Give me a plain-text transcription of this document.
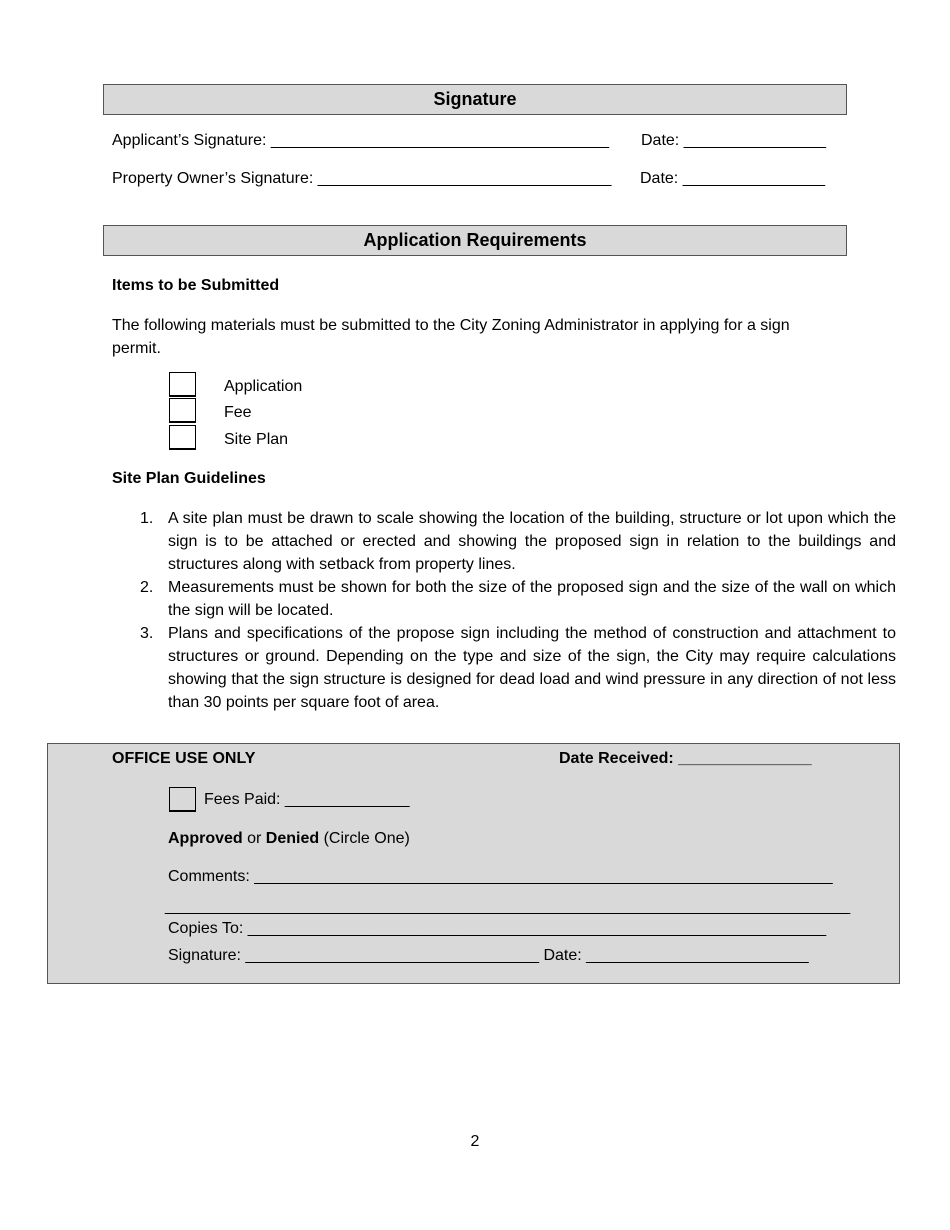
Signature
Applicant’s Signature: ______________________________________ Date: ________________
Property Owner’s Signature: _________________________________ Date: ________________
Application Requirements
Items to be Submitted
The following materials must be submitted to the City Zoning Administrator in applying for a sign permit.
Application
Fee
Site Plan
Site Plan Guidelines
A site plan must be drawn to scale showing the location of the building, structure or lot upon which the sign is to be attached or erected and showing the proposed sign in relation to the buildings and structures along with setback from property lines.
Measurements must be shown for both the size of the proposed sign and the size of the wall on which the sign will be located.
Plans and specifications of the propose sign including the method of construction and attachment to structures or ground. Depending on the type and size of the sign, the City may require calculations showing that the sign structure is designed for dead load and wind pressure in any direction of not less than 30 points per square foot of area.
OFFICE USE ONLY	Date Received: _______________
Fees Paid: ______________
Approved or Denied (Circle One)
Comments: _________________________________________________________________
_____________________________________________________________________________
Copies To: _________________________________________________________________
Signature: _________________________________ Date: _________________________
2
